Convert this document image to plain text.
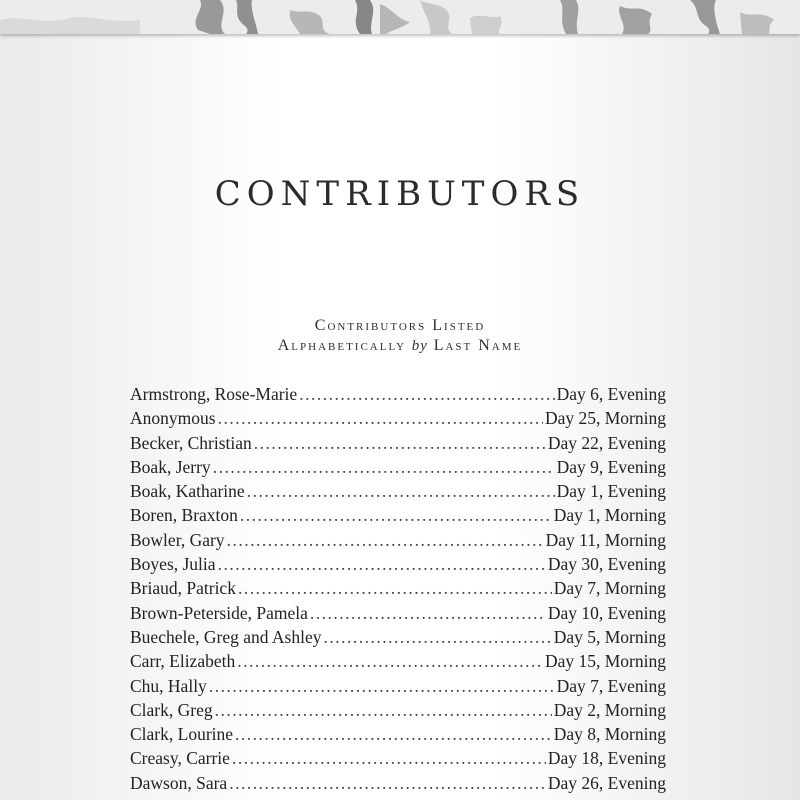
CONTRIBUTORS
Contributors Listed
Alphabetically by Last Name
Armstrong, Rose-Marie .....	Day 6, Evening
Anonymous .....	Day 25, Morning
Becker, Christian .....	Day 22, Evening
Boak, Jerry .....	Day 9, Evening
Boak, Katharine .....	Day 1, Evening
Boren, Braxton .....	Day 1, Morning
Bowler, Gary .....	Day 11, Morning
Boyes, Julia .....	Day 30, Evening
Briaud, Patrick .....	Day 7, Morning
Brown-Peterside, Pamela .....	Day 10, Evening
Buechele, Greg and Ashley .....	Day 5, Morning
Carr, Elizabeth .....	Day 15, Morning
Chu, Hally .....	Day 7, Evening
Clark, Greg .....	Day 2, Morning
Clark, Lourine .....	Day 8, Morning
Creasy, Carrie .....	Day 18, Evening
Dawson, Sara .....	Day 26, Evening
